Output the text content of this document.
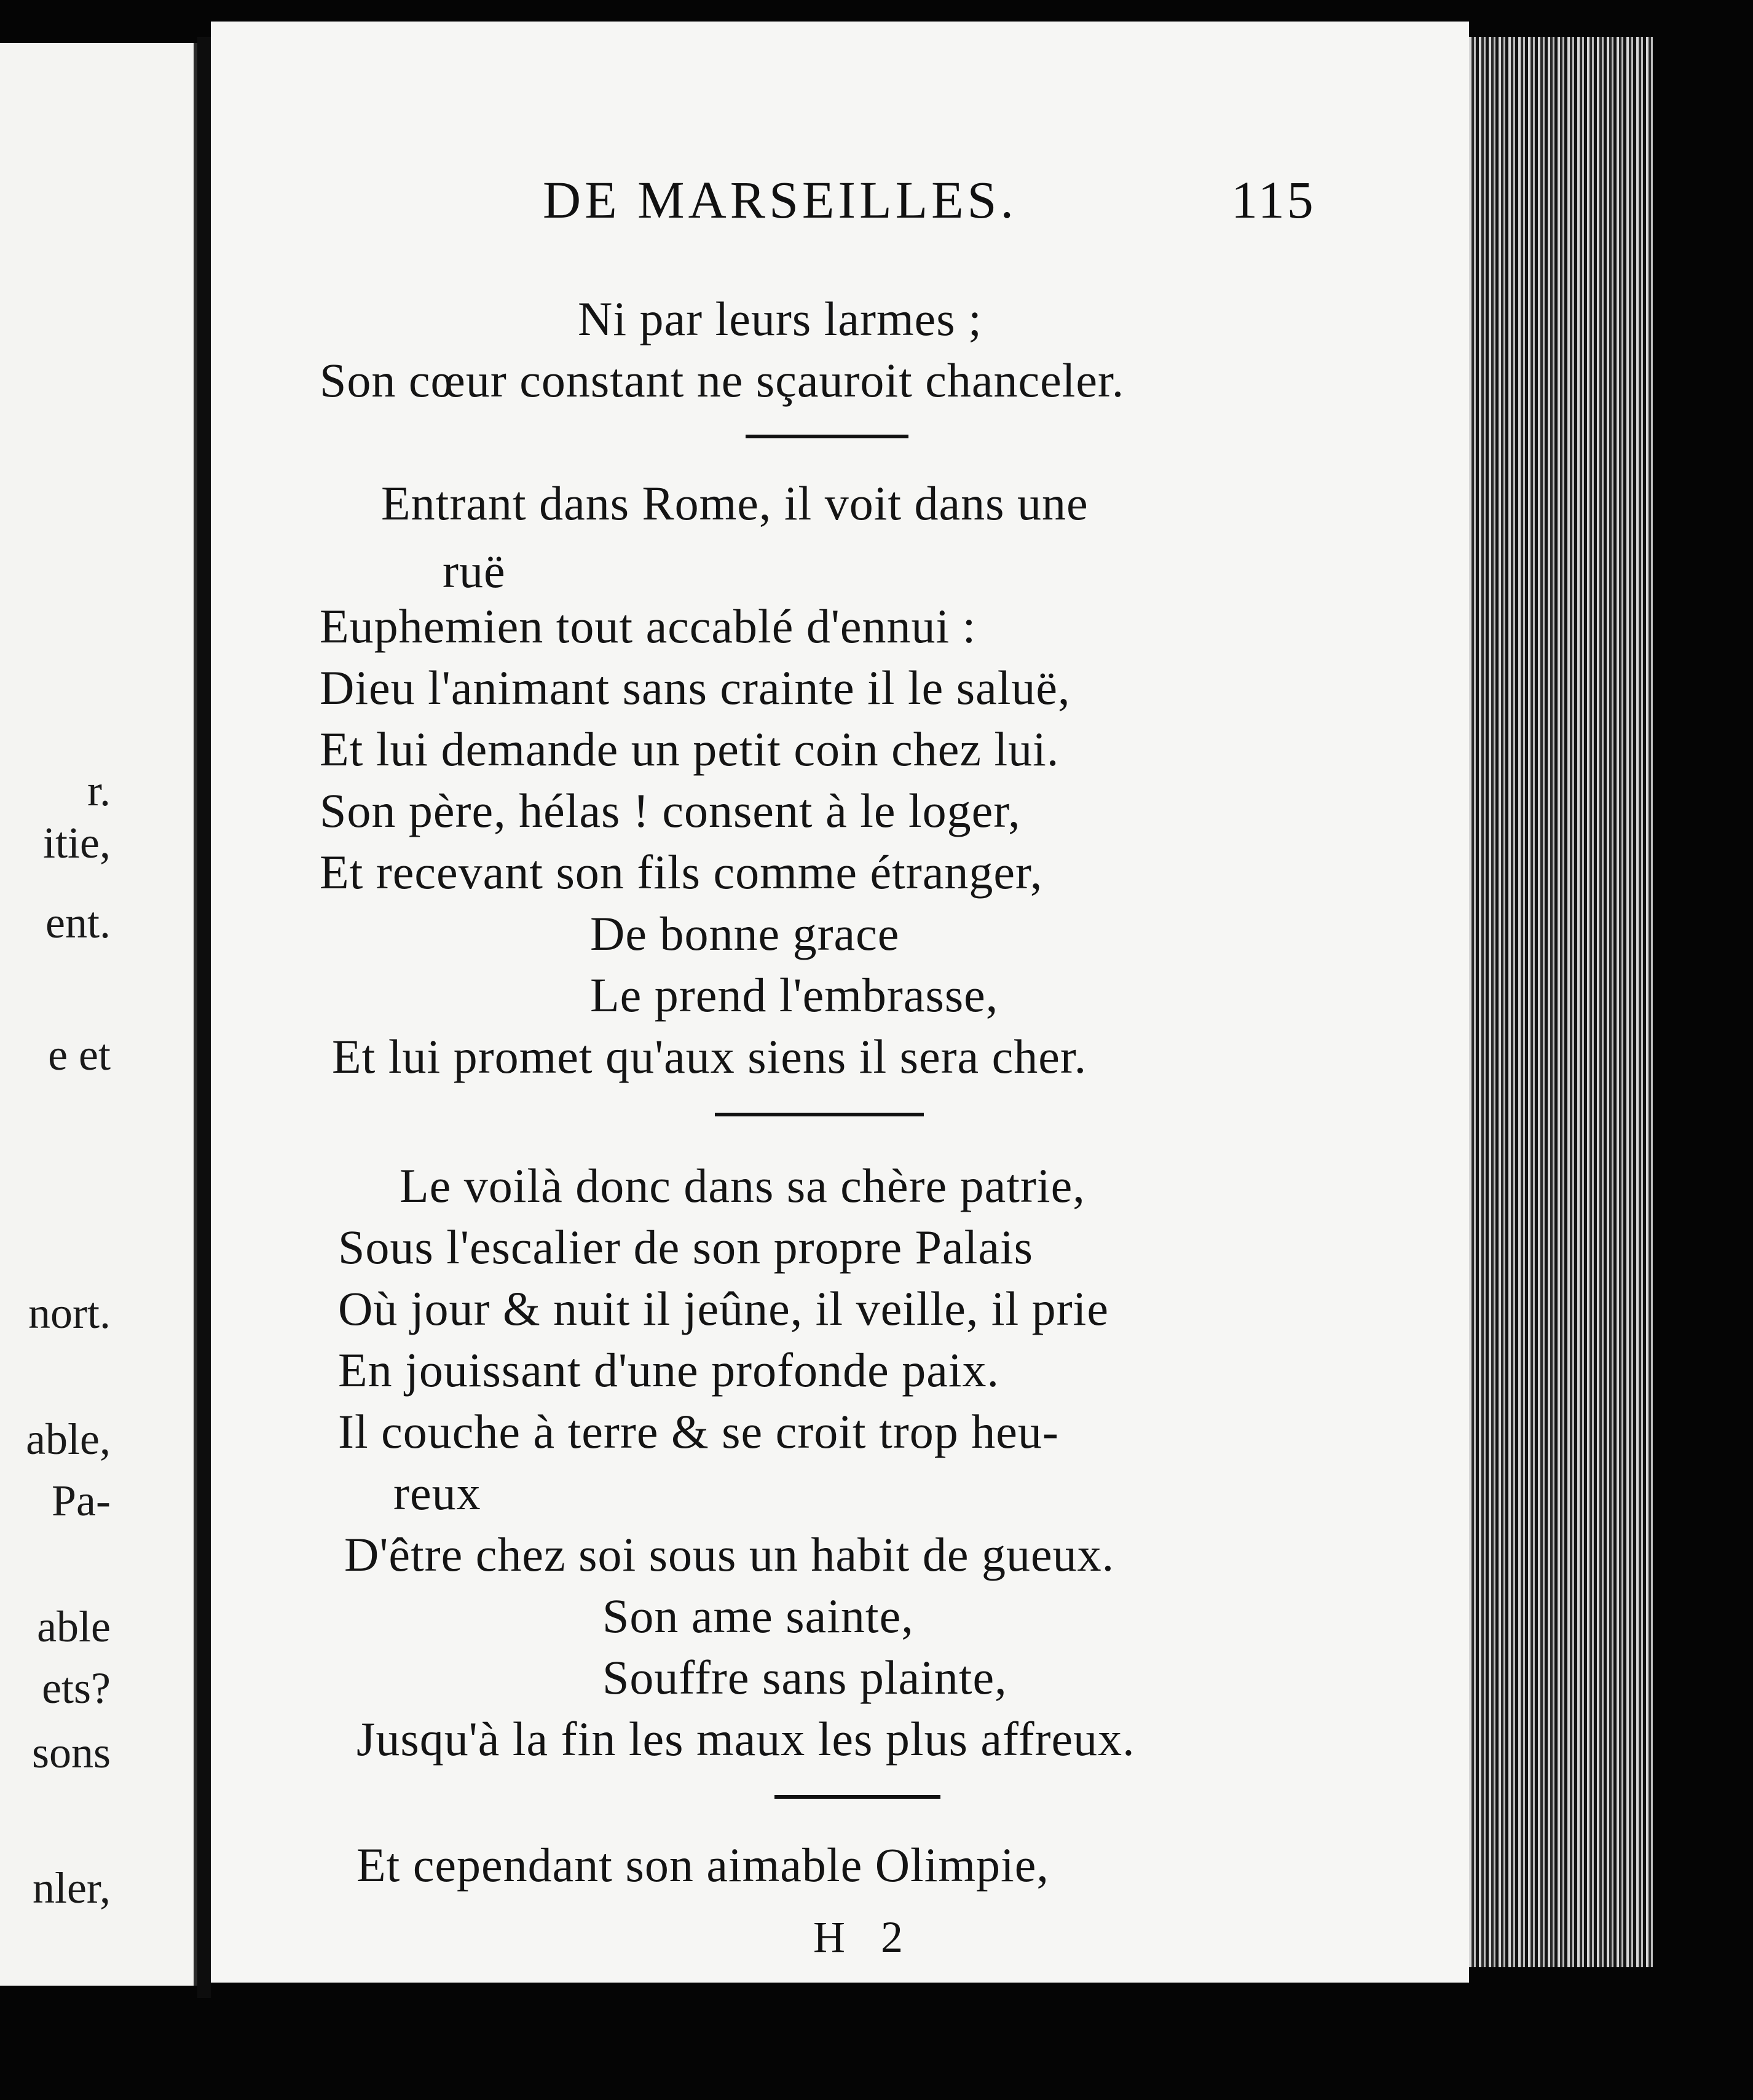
r.
itie,
ent.
e et
nort.
able,
Pa-
able
ets?
sons
nler,
DE MARSEILLES.	115
Ni par leurs larmes ;
Son cœur constant ne sçauroit chanceler.
Entrant dans Rome, il voit dans une
ruë
Euphemien tout accablé d'ennui :
Dieu l'animant sans crainte il le saluë,
Et lui demande un petit coin chez lui.
Son père, hélas ! consent à le loger,
Et recevant son fils comme étranger,
De bonne grace
Le prend l'embrasse,
Et lui promet qu'aux siens il sera cher.
Le voilà donc dans sa chère patrie,
Sous l'escalier de son propre Palais
Où jour & nuit il jeûne, il veille, il prie
En jouissant d'une profonde paix.
Il couche à terre & se croit trop heu-
reux
D'être chez soi sous un habit de gueux.
Son ame sainte,
Souffre sans plainte,
Jusqu'à la fin les maux les plus affreux.
Et cependant son aimable Olimpie,
H 2
